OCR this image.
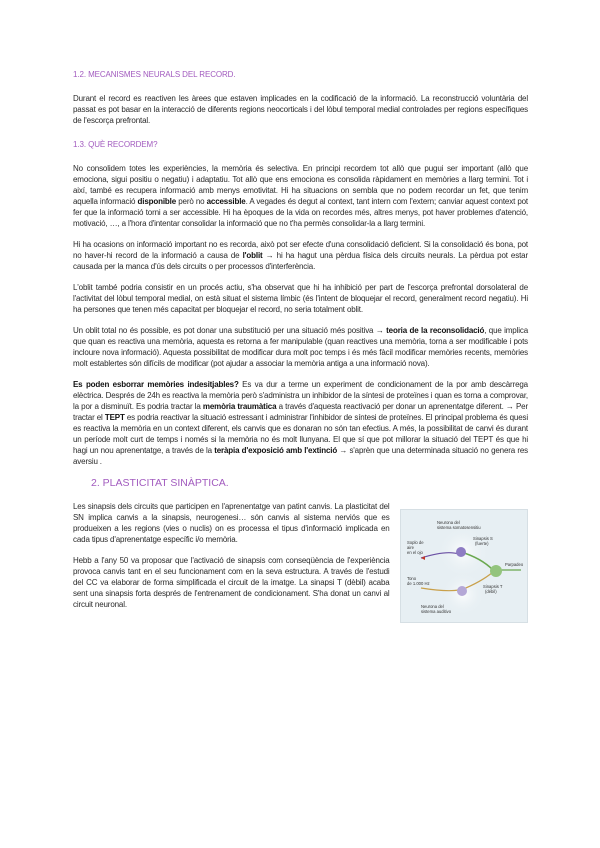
1.2. MECANISMES NEURALS DEL RECORD.

Durant el record es reactiven les àrees que estaven implicades en la codificació de la informació. La reconstrucció voluntària del passat es pot basar en la interacció de diferents regions neocorticals i del lòbul temporal medial controlades per regions específiques de l'escorça prefrontal.

1.3. QUÈ RECORDEM?

No consolidem totes les experiències, la memòria és selectiva. En principi recordem tot allò que pugui ser important (allò que emociona, sigui positiu o negatiu) i adaptatiu. Tot allò que ens emociona es consolida ràpidament en memòries a llarg termini. Tot i així, també es recupera informació amb menys emotivitat. Hi ha situacions on sembla que no podem recordar un fet, que tenim aquella informació disponible però no accessible. A vegades és degut al context, tant intern com l'extern; canviar aquest context pot fer que la informació torni a ser accessible. Hi ha èpoques de la vida on recordes més, altres menys, pot haver problemes d'atenció, motivació, …, a l'hora d'intentar consolidar la informació que no t'ha permès consolidar-la a llarg termini.

Hi ha ocasions on informació important no es recorda, això pot ser efecte d'una consolidació deficient. Si la consolidació és bona, pot no haver-hi record de la informació a causa de l'oblit → hi ha hagut una pèrdua física dels circuits neurals. La pèrdua pot estar causada per la manca d'ús dels circuits o per processos d'interferència.

L'oblit també podria consistir en un procés actiu, s'ha observat que hi ha inhibició per part de l'escorça prefrontal dorsolateral de l'activitat del lòbul temporal medial, on està situat el sistema límbic (és l'intent de bloquejar el record, generalment record negatiu). Hi ha persones que tenen més capacitat per bloquejar el record, no seria totalment oblit.

Un oblit total no és possible, es pot donar una substitució per una situació més positiva → teoria de la reconsolidació, que implica que quan es reactiva una memòria, aquesta es retorna a fer manipulable (quan reactives una memòria, torna a ser modificable i pots incloure nova informació). Aquesta possibilitat de modificar dura molt poc temps i és més fàcil modificar memòries recents, memòries molt establertes són difícils de modificar (pot ajudar a associar la memòria antiga a una informació nova).

Es poden esborrar memòries indesitjables? Es va dur a terme un experiment de condicionament de la por amb descàrrega elèctrica. Després de 24h es reactiva la memòria però s'administra un inhibidor de la síntesi de proteïnes i quan es torna a comprovar, la por a disminuït. Es podria tractar la memòria traumàtica a través d'aquesta reactivació per donar un aprenentatge diferent. → Per tractar el TEPT es podria reactivar la situació estressant i administrar l'inhibidor de síntesi de proteïnes. El principal problema és quesi es reactiva la memòria en un context diferent, els canvis que es donaran no són tan efectius. A més, la possibilitat de canvi és durant un període molt curt de temps i només si la memòria no és molt llunyana. El que sí que pot millorar la situació del TEPT és que hi hagi un nou aprenentatge, a través de la teràpia d'exposició amb l'extinció → s'aprèn que una determinada situació no genera res aversiu .

2. PLASTICITAT SINÀPTICA.

Les sinapsis dels circuits que participen en l'aprenentatge van patint canvis. La plasticitat del SN implica canvis a la sinapsis, neurogenesi… són canvis al sistema nerviós que es produeixen a les regions (vies o nuclis) on es processa el tipus d'informació implicada en cada tipus d'aprenentatge específic i/o memòria.

Hebb a l'any 50 va proposar que l'activació de sinapsis com conseqüència de l'experiència provoca canvis tant en el seu funcionament com en la seva estructura. A través de l'estudi del CC va elaborar de forma simplificada el circuit de la imatge. La sinapsi T (dèbil) acaba sent una sinapsis forta després de l'entrenament de condicionament. S'ha donat un canvi al circuit neuronal.

Neurona del sistema somatosensitiu
Soplo de
aire
en el ojo
Sinapsis S
(fuerte)
Tono
de 1.000 Hz
Sinapsis T
(débil)
Neurona del sistema auditivo
Parpadeo
